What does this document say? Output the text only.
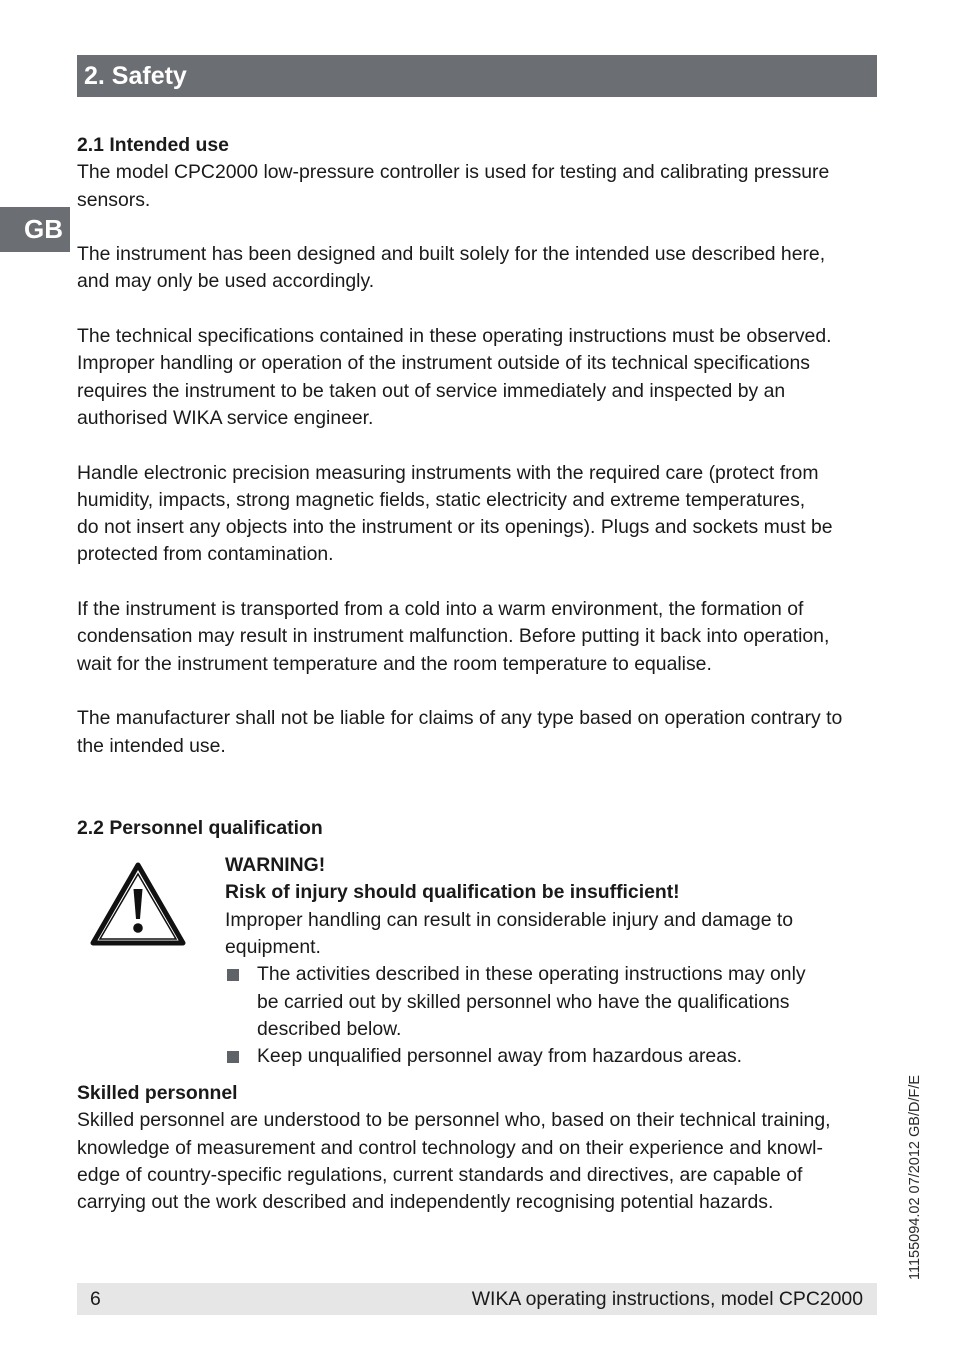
2. Safety
GB
2.1 Intended use
The model CPC2000 low-pressure controller is used for testing and calibrating pressure
sensors.
The instrument has been designed and built solely for the intended use described here,
and may only be used accordingly.
The technical specifications contained in these operating instructions must be observed.
Improper handling or operation of the instrument outside of its technical specifications
requires the instrument to be taken out of service immediately and inspected by an
authorised WIKA service engineer.
Handle electronic precision measuring instruments with the required care (protect from
humidity, impacts, strong magnetic fields, static electricity and extreme temperatures,
do not insert any objects into the instrument or its openings). Plugs and sockets must be
protected from contamination.
If the instrument is transported from a cold into a warm environment, the formation of
condensation may result in instrument malfunction. Before putting it back into operation,
wait for the instrument temperature and the room temperature to equalise.
The manufacturer shall not be liable for claims of any type based on operation contrary to
the intended use.
2.2 Personnel qualification
WARNING!
Risk of injury should qualification be insufficient!
Improper handling can result in considerable injury and damage to
equipment.
The activities described in these operating instructions may only
be carried out by skilled personnel who have the qualifications
described below.
Keep unqualified personnel away from hazardous areas.
Skilled personnel
Skilled personnel are understood to be personnel who, based on their technical training,
knowledge of measurement and control technology and on their experience and knowl-
edge of country-specific regulations, current standards and directives, are capable of
carrying out the work described and independently recognising potential hazards.	11155094.02 07/2012 GB/D/F/E
6	WIKA operating instructions, model CPC2000
